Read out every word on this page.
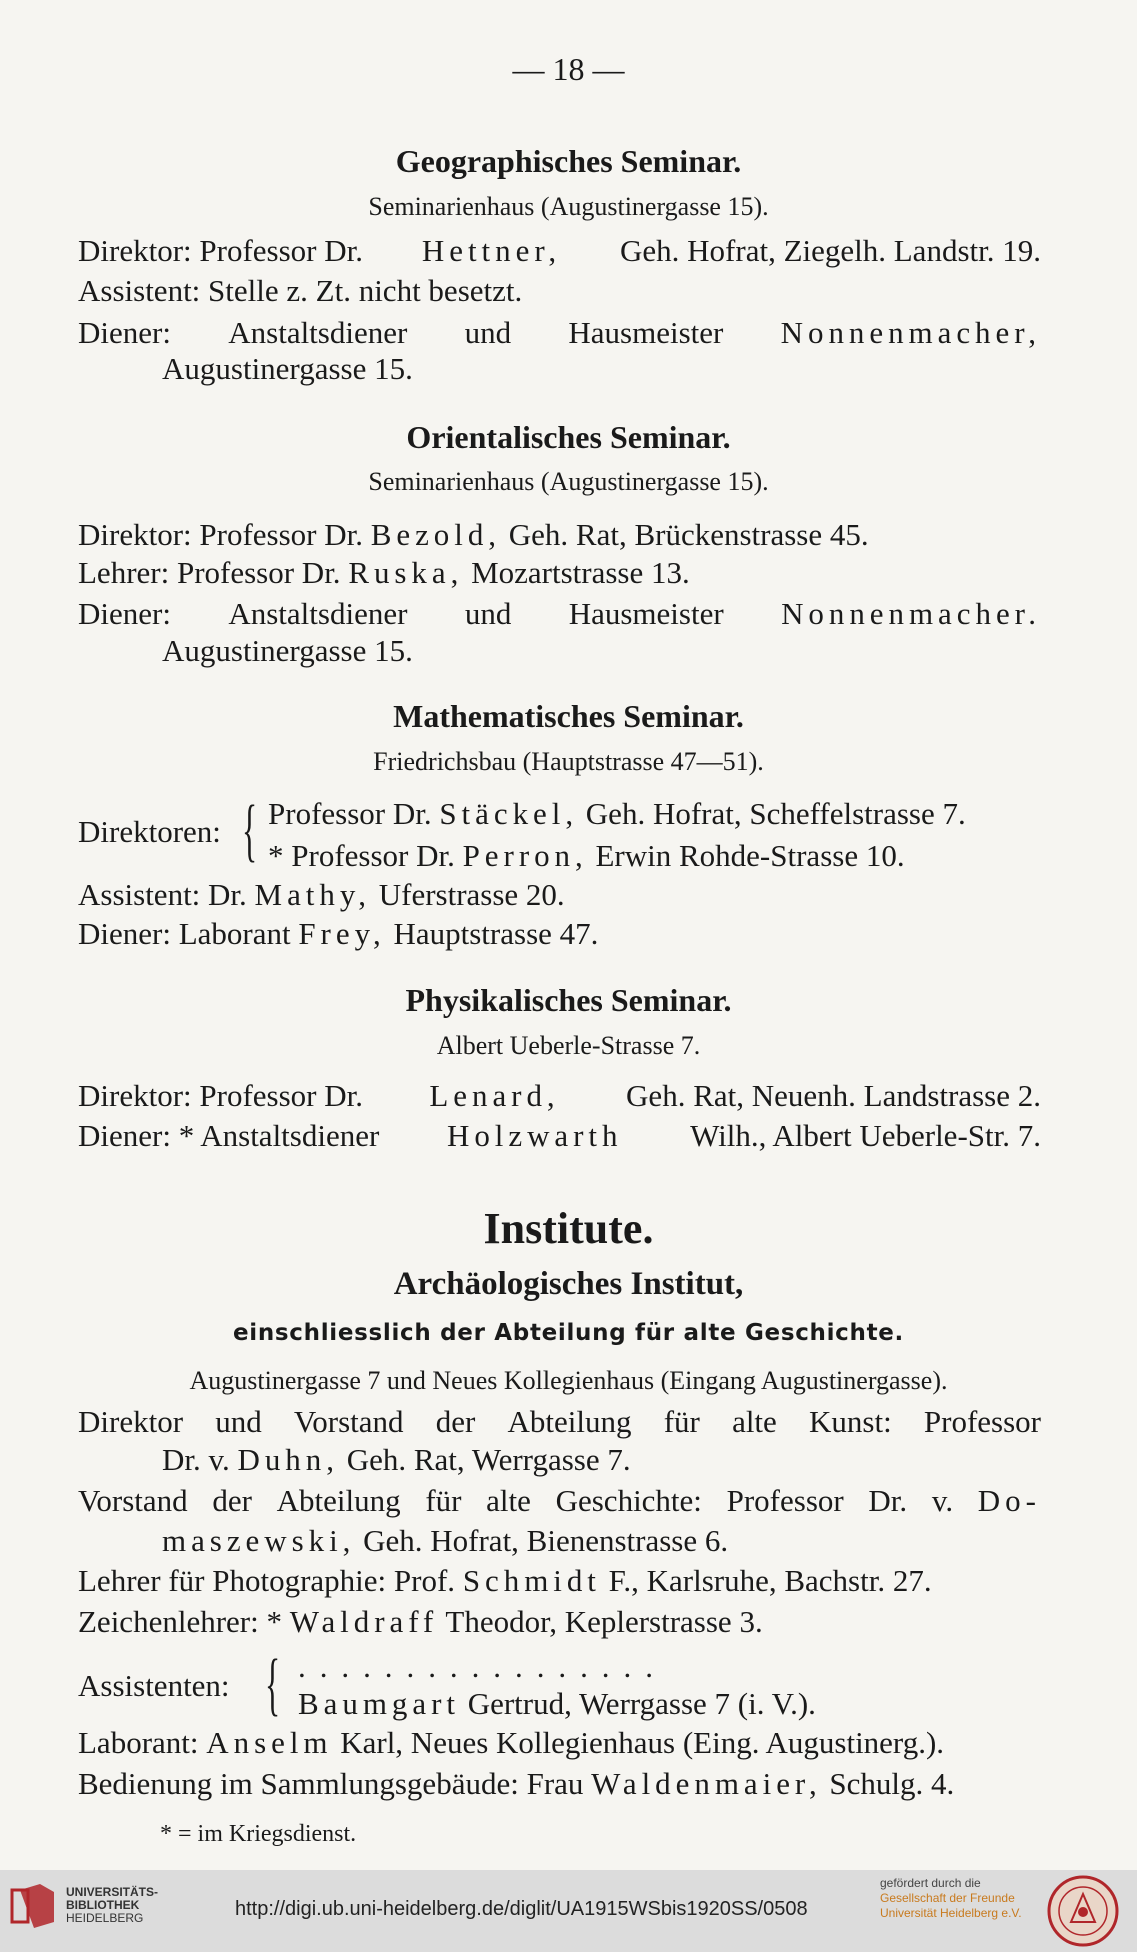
— 18 —
Geographisches Seminar.
Seminarienhaus (Augustinergasse 15).
Direktor: Professor Dr. Hettner, Geh. Hofrat, Ziegelh. Landstr. 19.
Assistent: Stelle z. Zt. nicht besetzt.
Diener: Anstaltsdiener und Hausmeister Nonnenmacher,
Augustinergasse 15.
Orientalisches Seminar.
Seminarienhaus (Augustinergasse 15).
Direktor: Professor Dr. Bezold, Geh. Rat, Brückenstrasse 45.
Lehrer: Professor Dr. Ruska, Mozartstrasse 13.
Diener: Anstaltsdiener und Hausmeister Nonnenmacher.
Augustinergasse 15.
Mathematisches Seminar.
Friedrichsbau (Hauptstrasse 47—51).
Direktoren: { Professor Dr. Stäckel, Geh. Hofrat, Scheffelstrasse 7.
* Professor Dr. Perron, Erwin Rohde-Strasse 10.
Assistent: Dr. Mathy, Uferstrasse 20.
Diener: Laborant Frey, Hauptstrasse 47.
Physikalisches Seminar.
Albert Ueberle-Strasse 7.
Direktor: Professor Dr. Lenard, Geh. Rat, Neuenh. Landstrasse 2.
Diener: * Anstaltsdiener Holzwarth Wilh., Albert Ueberle-Str. 7.
Institute.
Archäologisches Institut,
einschliesslich der Abteilung für alte Geschichte.
Augustinergasse 7 und Neues Kollegienhaus (Eingang Augustinergasse).
Direktor und Vorstand der Abteilung für alte Kunst: Professor
Dr. v. Duhn, Geh. Rat, Werrgasse 7.
Vorstand der Abteilung für alte Geschichte: Professor Dr. v. Do-
maszewski, Geh. Hofrat, Bienenstrasse 6.
Lehrer für Photographie: Prof. Schmidt F., Karlsruhe, Bachstr. 27.
Zeichenlehrer: * Waldraff Theodor, Keplerstrasse 3.
Assistenten: { . . . . . . . . . . . . . . . . .
Baumgart Gertrud, Werrgasse 7 (i. V.).
Laborant: Anselm Karl, Neues Kollegienhaus (Eing. Augustinerg.).
Bedienung im Sammlungsgebäude: Frau Waldenmaier, Schulg. 4.
* = im Kriegsdienst.
UNIVERSITÄTS-
BIBLIOTHEK
HEIDELBERG	http://digi.ub.uni-heidelberg.de/diglit/UA1915WSbis1920SS/0508
gefördert durch die
Gesellschaft der Freunde
Universität Heidelberg e.V.
